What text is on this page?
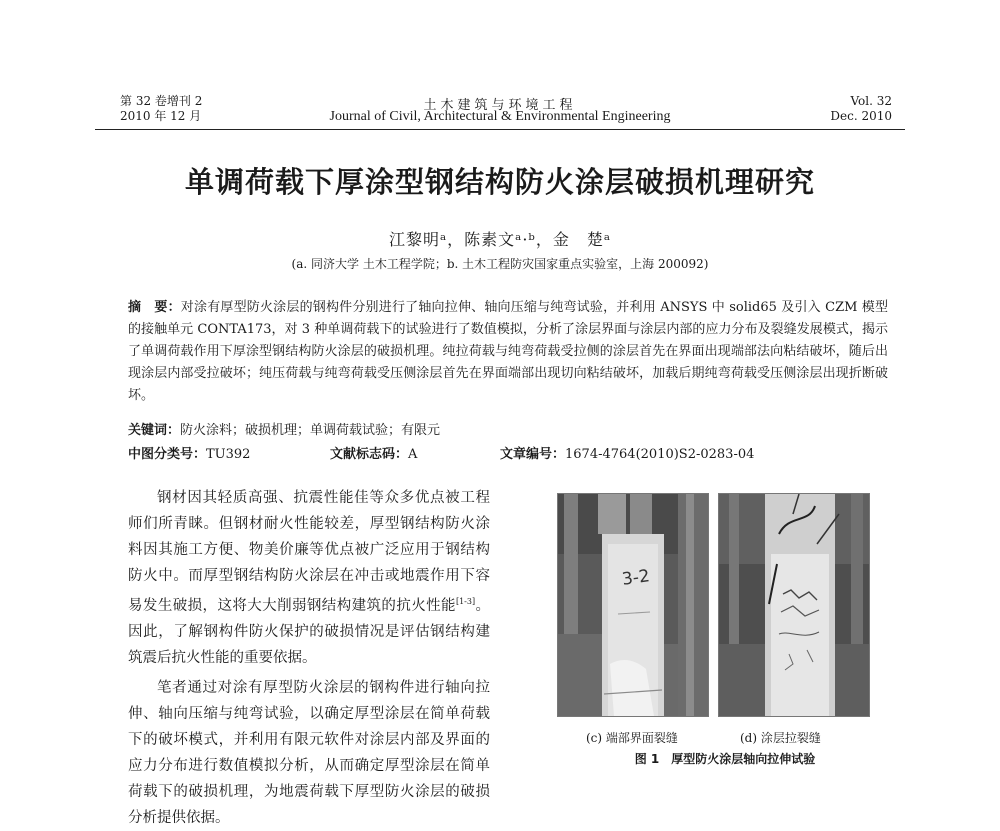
第 32 卷增刊 2
2010 年 12 月
土木建筑与环境工程
Journal of Civil, Architectural & Environmental Engineering
Vol. 32
Dec. 2010
单调荷载下厚涂型钢结构防火涂层破损机理研究
江黎明ᵃ，陈素文ᵃ·ᵇ，金　楚ᵃ
(a. 同济大学 土木工程学院；b. 土木工程防灾国家重点实验室，上海 200092)
摘　要：对涂有厚型防火涂层的钢构件分别进行了轴向拉伸、轴向压缩与纯弯试验，并利用 ANSYS 中 solid65 及引入 CZM 模型的接触单元 CONTA173，对 3 种单调荷载下的试验进行了数值模拟，分析了涂层界面与涂层内部的应力分布及裂缝发展模式，揭示了单调荷载作用下厚涂型钢结构防火涂层的破损机理。纯拉荷载与纯弯荷载受拉侧的涂层首先在界面出现端部法向粘结破坏，随后出现涂层内部受拉破坏；纯压荷载与纯弯荷载受压侧涂层首先在界面端部出现切向粘结破坏，加载后期纯弯荷载受压侧涂层出现折断破坏。
关键词：防火涂料；破损机理；单调荷载试验；有限元
中图分类号：TU392	文献标志码：A	文章编号：1674-4764(2010)S2-0283-04

钢材因其轻质高强、抗震性能佳等众多优点被工程师们所青睐。但钢材耐火性能较差，厚型钢结构防火涂料因其施工方便、物美价廉等优点被广泛应用于钢结构防火中。而厚型钢结构防火涂层在冲击或地震作用下容易发生破损，这将大大削弱钢结构建筑的抗火性能[1-3]。因此，了解钢构件防火保护的破损情况是评估钢结构建筑震后抗火性能的重要依据。

笔者通过对涂有厚型防火涂层的钢构件进行轴向拉伸、轴向压缩与纯弯试验，以确定厚型涂层在简单荷载下的破坏模式，并利用有限元软件对涂层内部及界面的应力分布进行数值模拟分析，从而确定厚型涂层在简单荷载下的破损机理，为地震荷载下厚型防火涂层的破损分析提供依据。

3-2
(c) 端部界面裂缝	(d) 涂层拉裂缝
图 1　厚型防火涂层轴向拉伸试验
